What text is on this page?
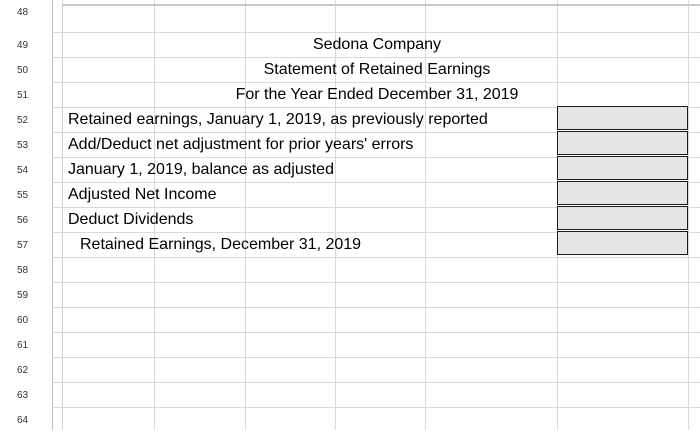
48
49
50
51
52
53
54
55
56
57
58
59
60
61
62
63
64
Sedona Company
Statement of Retained Earnings
For the Year Ended December 31, 2019
Retained earnings, January 1, 2019, as previously reported
Add/Deduct net adjustment for prior years' errors
January 1, 2019, balance as adjusted
Adjusted Net Income
Deduct Dividends
Retained Earnings, December 31, 2019
